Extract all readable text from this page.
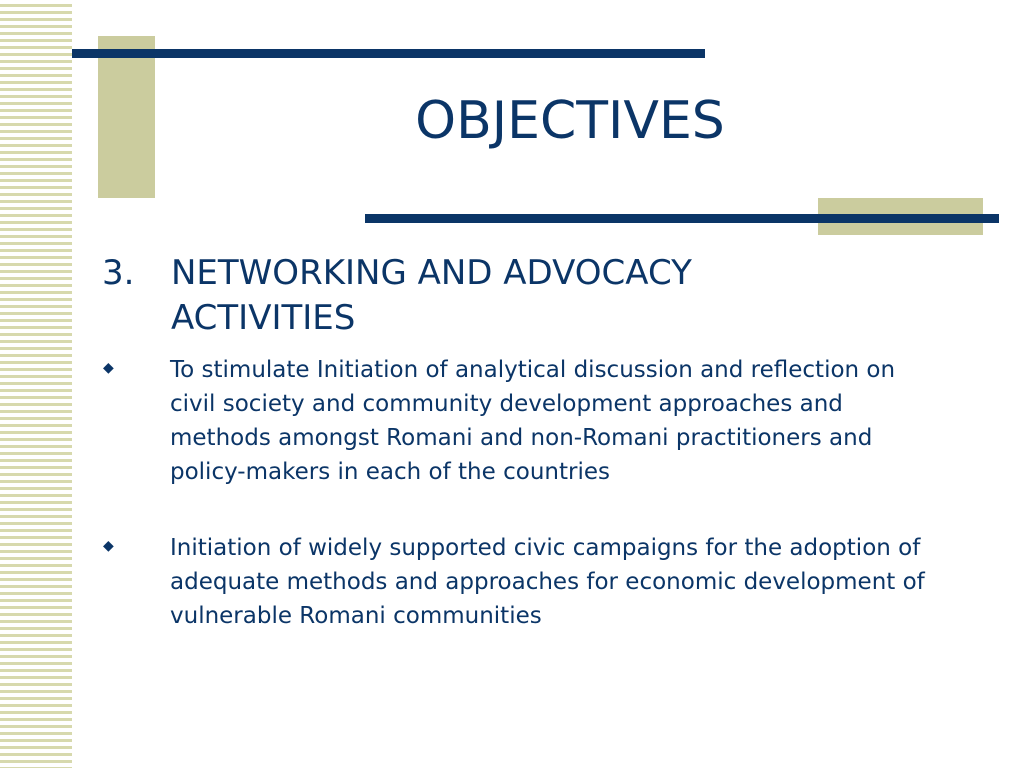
OBJECTIVES
3. NETWORKING AND ADVOCACY ACTIVITIES
◆ To stimulate Initiation of analytical discussion and reflection on civil society and community development approaches and methods amongst Romani and non-Romani practitioners and policy-makers in each of the countries
◆ Initiation of widely supported civic campaigns for the adoption of adequate methods and approaches for economic development of vulnerable Romani communities
